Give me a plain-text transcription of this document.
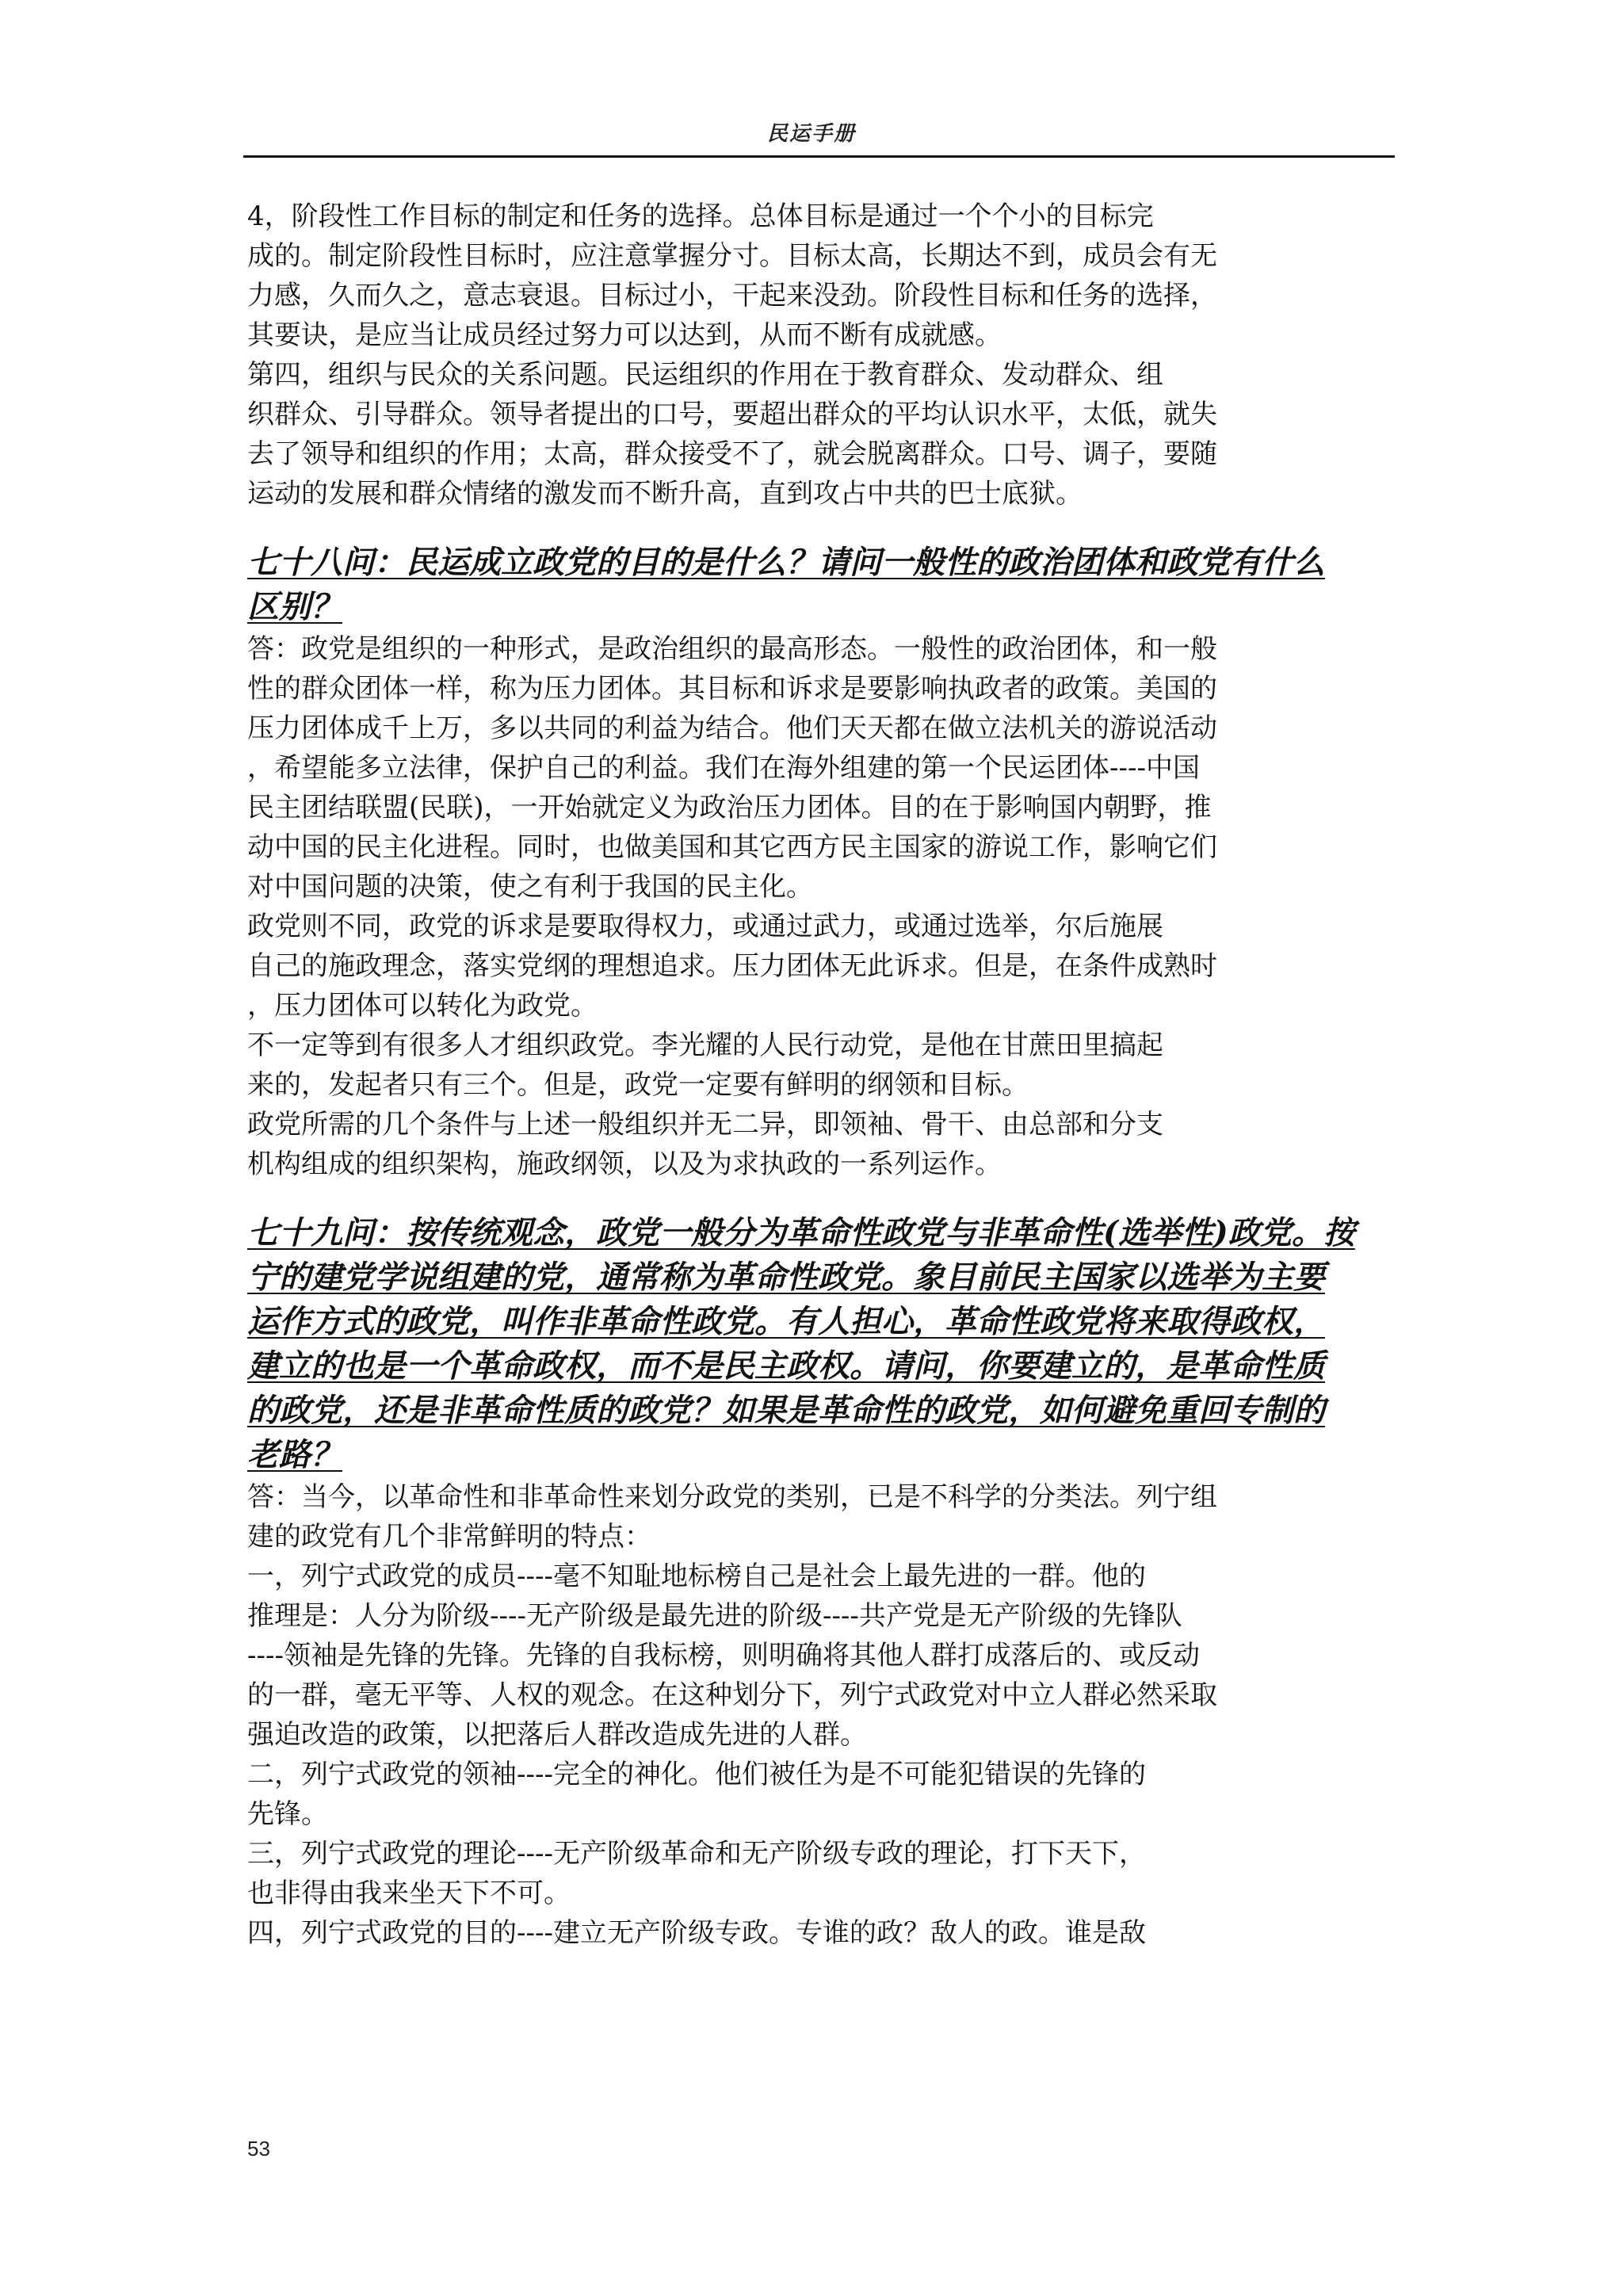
民运手册
4，阶段性工作目标的制定和任务的选择。总体目标是通过一个个小的目标完
成的。制定阶段性目标时，应注意掌握分寸。目标太高，长期达不到，成员会有无
力感，久而久之，意志衰退。目标过小，干起来没劲。阶段性目标和任务的选择，
其要诀，是应当让成员经过努力可以达到，从而不断有成就感。
第四，组织与民众的关系问题。民运组织的作用在于教育群众、发动群众、组
织群众、引导群众。领导者提出的口号，要超出群众的平均认识水平，太低，就失
去了领导和组织的作用；太高，群众接受不了，就会脱离群众。口号、调子，要随
运动的发展和群众情绪的激发而不断升高，直到攻占中共的巴士底狱。
七十八问：民运成立政党的目的是什么？请问一般性的政治团体和政党有什么
区别？
答：政党是组织的一种形式，是政治组织的最高形态。一般性的政治团体，和一般
性的群众团体一样，称为压力团体。其目标和诉求是要影响执政者的政策。美国的
压力团体成千上万，多以共同的利益为结合。他们天天都在做立法机关的游说活动
，希望能多立法律，保护自己的利益。我们在海外组建的第一个民运团体----中国
民主团结联盟(民联)，一开始就定义为政治压力团体。目的在于影响国内朝野，推
动中国的民主化进程。同时，也做美国和其它西方民主国家的游说工作，影响它们
对中国问题的决策，使之有利于我国的民主化。
政党则不同，政党的诉求是要取得权力，或通过武力，或通过选举，尔后施展
自己的施政理念，落实党纲的理想追求。压力团体无此诉求。但是，在条件成熟时
，压力团体可以转化为政党。
不一定等到有很多人才组织政党。李光耀的人民行动党，是他在甘蔗田里搞起
来的，发起者只有三个。但是，政党一定要有鲜明的纲领和目标。
政党所需的几个条件与上述一般组织并无二异，即领袖、骨干、由总部和分支
机构组成的组织架构，施政纲领，以及为求执政的一系列运作。
七十九问：按传统观念，政党一般分为革命性政党与非革命性(选举性)政党。按
宁的建党学说组建的党，通常称为革命性政党。象目前民主国家以选举为主要
运作方式的政党，叫作非革命性政党。有人担心，革命性政党将来取得政权，
建立的也是一个革命政权，而不是民主政权。请问，你要建立的，是革命性质
的政党，还是非革命性质的政党？如果是革命性的政党，如何避免重回专制的
老路？
答：当今，以革命性和非革命性来划分政党的类别，已是不科学的分类法。列宁组
建的政党有几个非常鲜明的特点：
一，列宁式政党的成员----毫不知耻地标榜自己是社会上最先进的一群。他的
推理是：人分为阶级----无产阶级是最先进的阶级----共产党是无产阶级的先锋队
----领袖是先锋的先锋。先锋的自我标榜，则明确将其他人群打成落后的、或反动
的一群，毫无平等、人权的观念。在这种划分下，列宁式政党对中立人群必然采取
强迫改造的政策，以把落后人群改造成先进的人群。
二，列宁式政党的领袖----完全的神化。他们被任为是不可能犯错误的先锋的
先锋。
三，列宁式政党的理论----无产阶级革命和无产阶级专政的理论，打下天下，
也非得由我来坐天下不可。
四，列宁式政党的目的----建立无产阶级专政。专谁的政？敌人的政。谁是敌
53
